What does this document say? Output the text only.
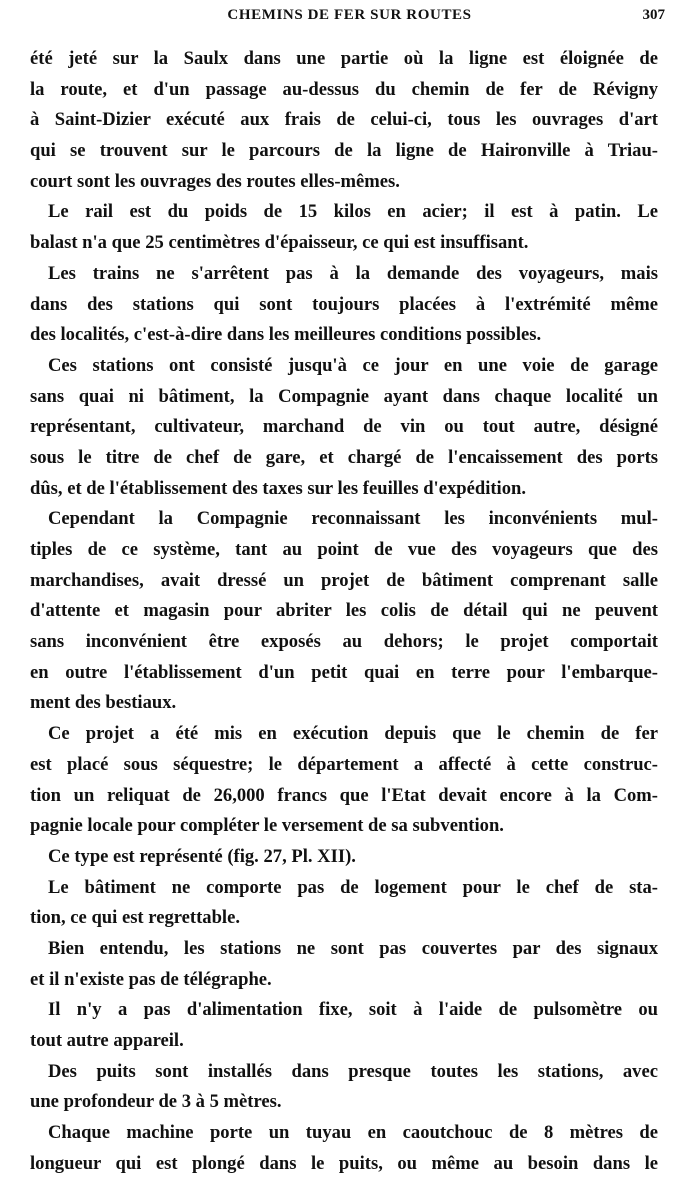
CHEMINS DE FER SUR ROUTES	307
été jeté sur la Saulx dans une partie où la ligne est éloignée de
la route, et d'un passage au-dessus du chemin de fer de Révigny
à Saint-Dizier exécuté aux frais de celui-ci, tous les ouvrages d'art
qui se trouvent sur le parcours de la ligne de Haironville à Triau-
court sont les ouvrages des routes elles-mêmes.
Le rail est du poids de 15 kilos en acier; il est à patin. Le
balast n'a que 25 centimètres d'épaisseur, ce qui est insuffisant.
Les trains ne s'arrêtent pas à la demande des voyageurs, mais
dans des stations qui sont toujours placées à l'extrémité même
des localités, c'est-à-dire dans les meilleures conditions possibles.
Ces stations ont consisté jusqu'à ce jour en une voie de garage
sans quai ni bâtiment, la Compagnie ayant dans chaque localité un
représentant, cultivateur, marchand de vin ou tout autre, désigné
sous le titre de chef de gare, et chargé de l'encaissement des ports
dûs, et de l'établissement des taxes sur les feuilles d'expédition.
Cependant la Compagnie reconnaissant les inconvénients mul-
tiples de ce système, tant au point de vue des voyageurs que des
marchandises, avait dressé un projet de bâtiment comprenant salle
d'attente et magasin pour abriter les colis de détail qui ne peuvent
sans inconvénient être exposés au dehors; le projet comportait
en outre l'établissement d'un petit quai en terre pour l'embarque-
ment des bestiaux.
Ce projet a été mis en exécution depuis que le chemin de fer
est placé sous séquestre; le département a affecté à cette construc-
tion un reliquat de 26,000 francs que l'Etat devait encore à la Com-
pagnie locale pour compléter le versement de sa subvention.
Ce type est représenté (fig. 27, Pl. XII).
Le bâtiment ne comporte pas de logement pour le chef de sta-
tion, ce qui est regrettable.
Bien entendu, les stations ne sont pas couvertes par des signaux
et il n'existe pas de télégraphe.
Il n'y a pas d'alimentation fixe, soit à l'aide de pulsomètre ou
tout autre appareil.
Des puits sont installés dans presque toutes les stations, avec
une profondeur de 3 à 5 mètres.
Chaque machine porte un tuyau en caoutchouc de 8 mètres de
longueur qui est plongé dans le puits, ou même au besoin dans le
